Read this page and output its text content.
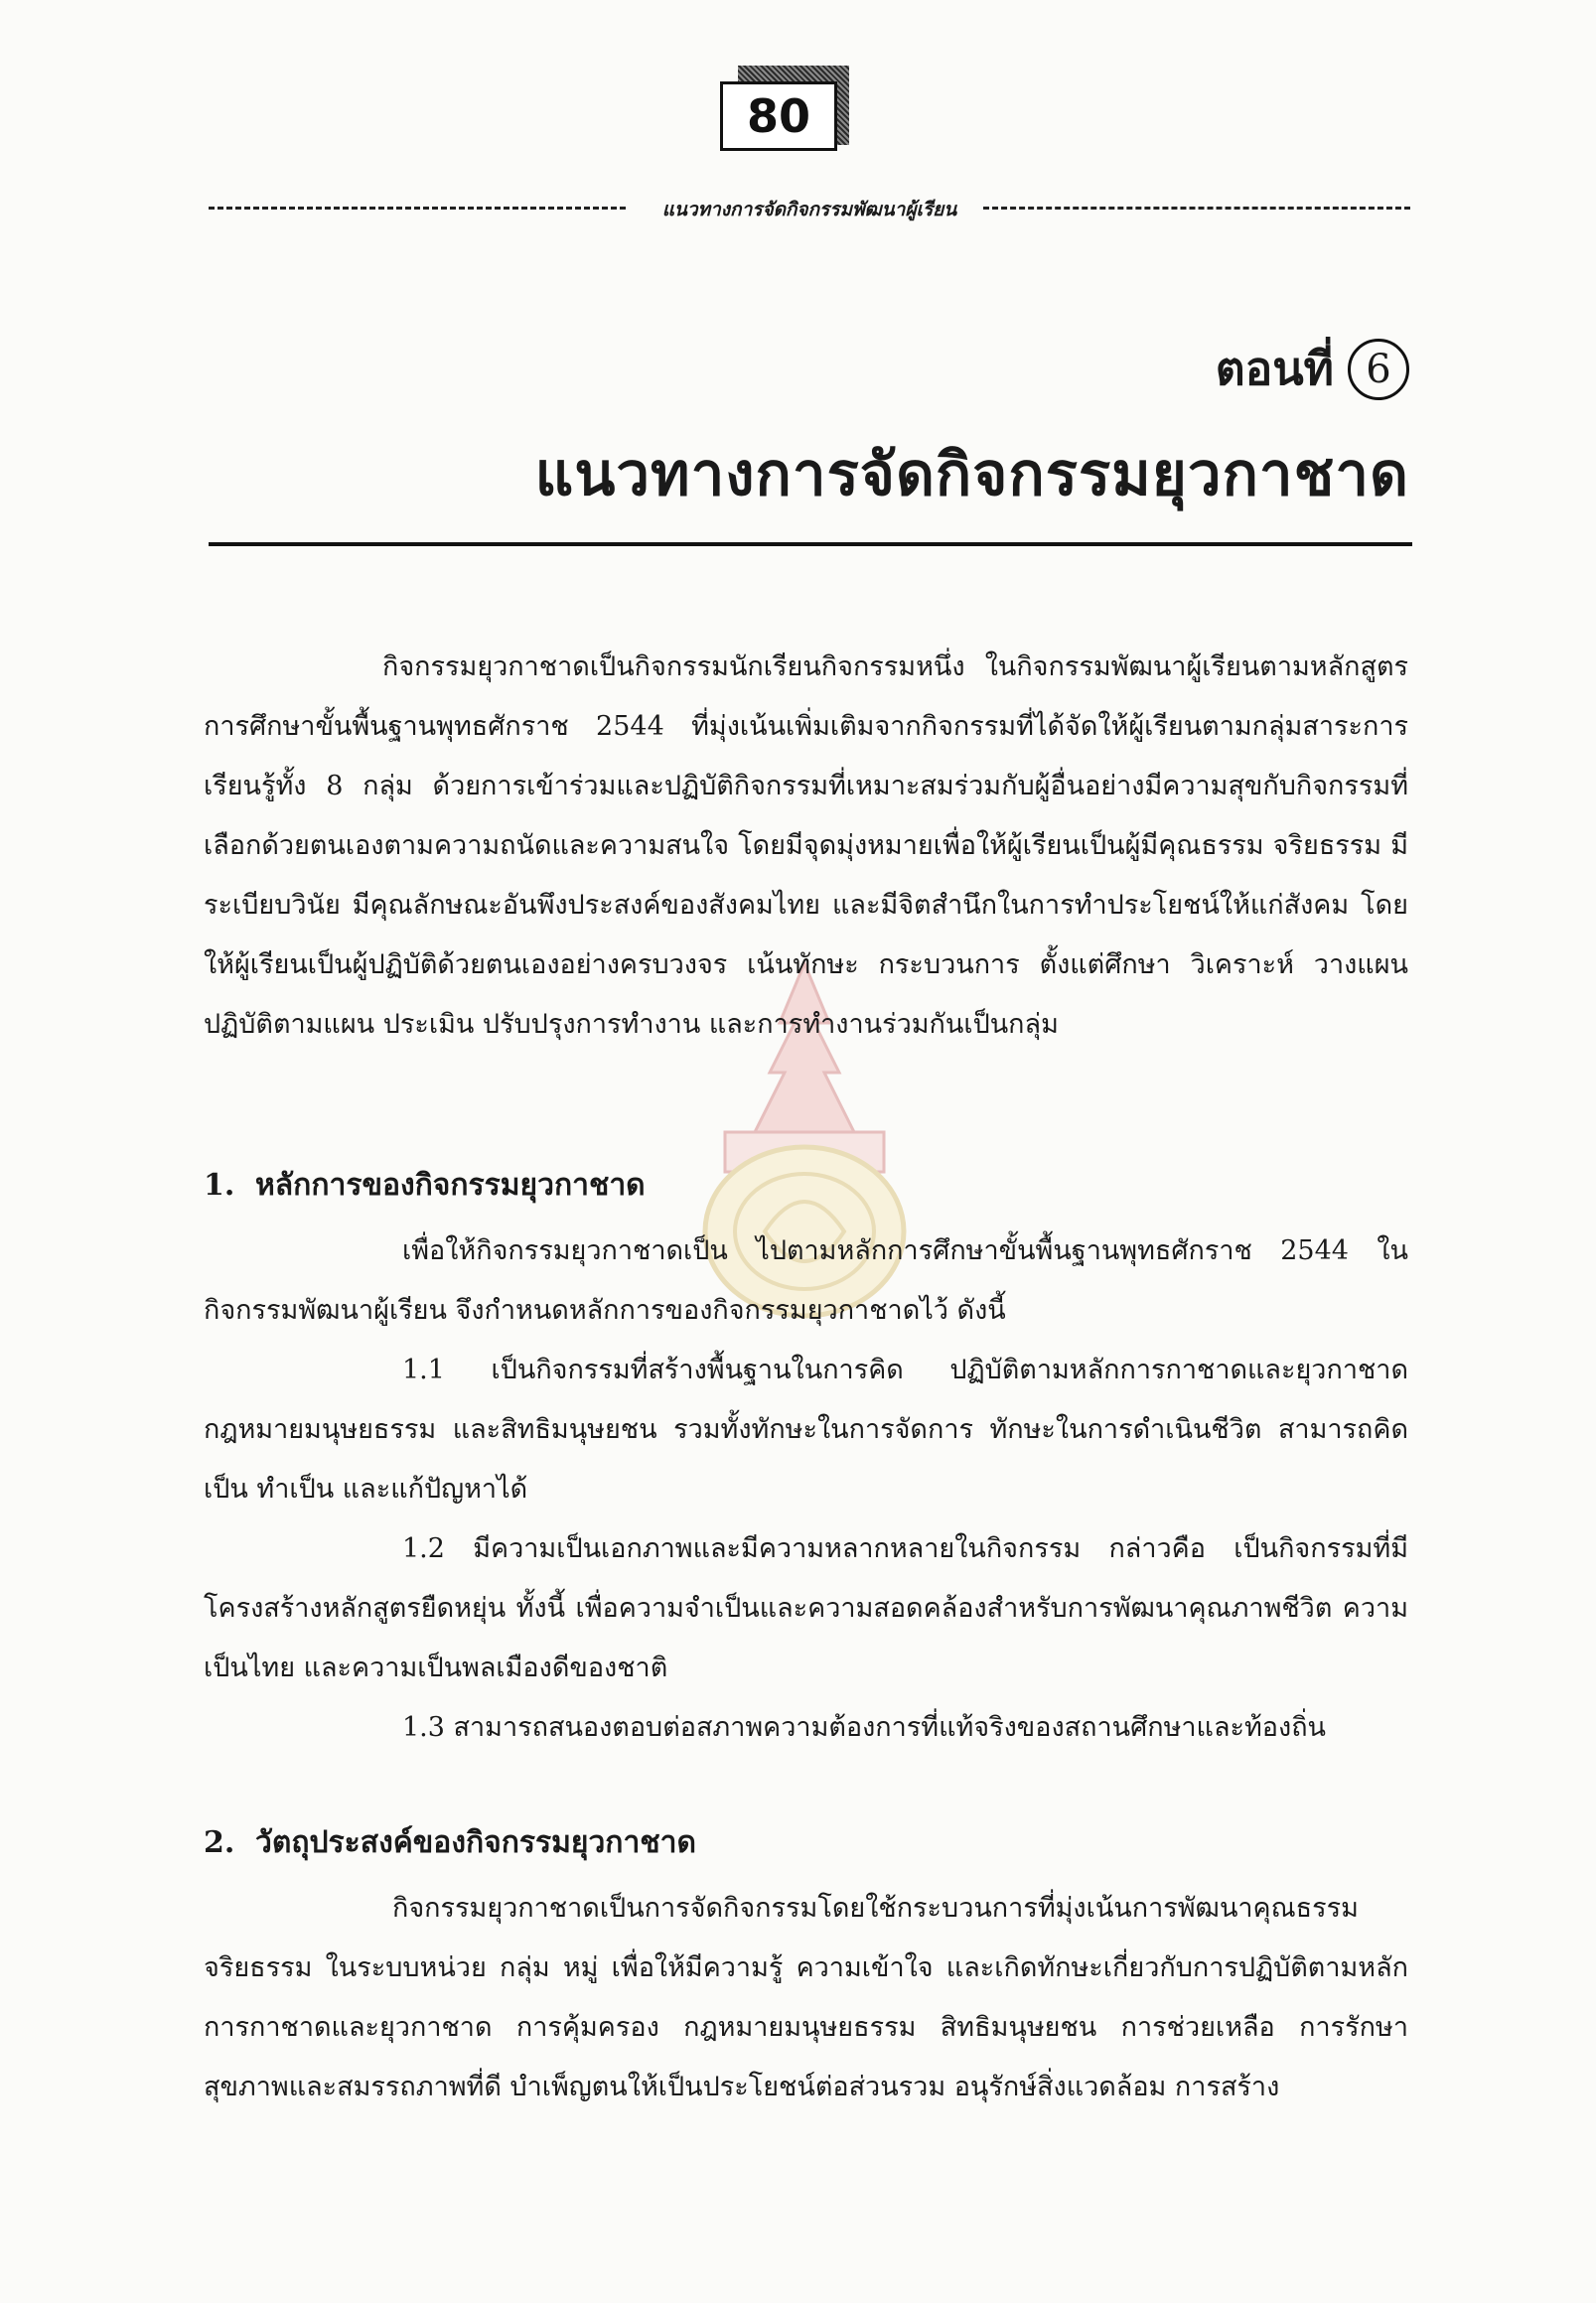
80
แนวทางการจัดกิจกรรมพัฒนาผู้เรียน
ตอนที่ 6
แนวทางการจัดกิจกรรมยุวกาชาด
กิจกรรมยุวกาชาดเป็นกิจกรรมนักเรียนกิจกรรมหนึ่ง ในกิจกรรมพัฒนาผู้เรียนตามหลักสูตรการศึกษาขั้นพื้นฐานพุทธศักราช 2544 ที่มุ่งเน้นเพิ่มเติมจากกิจกรรมที่ได้จัดให้ผู้เรียนตามกลุ่มสาระการเรียนรู้ทั้ง 8 กลุ่ม ด้วยการเข้าร่วมและปฏิบัติกิจกรรมที่เหมาะสมร่วมกับผู้อื่นอย่างมีความสุขกับกิจกรรมที่เลือกด้วยตนเองตามความถนัดและความสนใจ โดยมีจุดมุ่งหมายเพื่อให้ผู้เรียนเป็นผู้มีคุณธรรม จริยธรรม มีระเบียบวินัย มีคุณลักษณะอันพึงประสงค์ของสังคมไทย และมีจิตสำนึกในการทำประโยชน์ให้แก่สังคม โดยให้ผู้เรียนเป็นผู้ปฏิบัติด้วยตนเองอย่างครบวงจร เน้นทักษะ กระบวนการ ตั้งแต่ศึกษา วิเคราะห์ วางแผน ปฏิบัติตามแผน ประเมิน ปรับปรุงการทำงาน และการทำงานร่วมกันเป็นกลุ่ม
1. หลักการของกิจกรรมยุวกาชาด
เพื่อให้กิจกรรมยุวกาชาดเป็น ไปตามหลักการศึกษาขั้นพื้นฐานพุทธศักราช 2544 ในกิจกรรมพัฒนาผู้เรียน จึงกำหนดหลักการของกิจกรรมยุวกาชาดไว้ ดังนี้
1.1 เป็นกิจกรรมที่สร้างพื้นฐานในการคิด ปฏิบัติตามหลักการกาชาดและยุวกาชาด กฎหมายมนุษยธรรม และสิทธิมนุษยชน รวมทั้งทักษะในการจัดการ ทักษะในการดำเนินชีวิต สามารถคิดเป็น ทำเป็น และแก้ปัญหาได้
1.2 มีความเป็นเอกภาพและมีความหลากหลายในกิจกรรม กล่าวคือ เป็นกิจกรรมที่มีโครงสร้างหลักสูตรยืดหยุ่น ทั้งนี้ เพื่อความจำเป็นและความสอดคล้องสำหรับการพัฒนาคุณภาพชีวิต ความเป็นไทย และความเป็นพลเมืองดีของชาติ
1.3 สามารถสนองตอบต่อสภาพความต้องการที่แท้จริงของสถานศึกษาและท้องถิ่น
2. วัตถุประสงค์ของกิจกรรมยุวกาชาด
กิจกรรมยุวกาชาดเป็นการจัดกิจกรรมโดยใช้กระบวนการที่มุ่งเน้นการพัฒนาคุณธรรม จริยธรรม ในระบบหน่วย กลุ่ม หมู่ เพื่อให้มีความรู้ ความเข้าใจ และเกิดทักษะเกี่ยวกับการปฏิบัติตามหลักการกาชาดและยุวกาชาด การคุ้มครอง กฎหมายมนุษยธรรม สิทธิมนุษยชน การช่วยเหลือ การรักษาสุขภาพและสมรรถภาพที่ดี บำเพ็ญตนให้เป็นประโยชน์ต่อส่วนรวม อนุรักษ์สิ่งแวดล้อม การสร้าง
